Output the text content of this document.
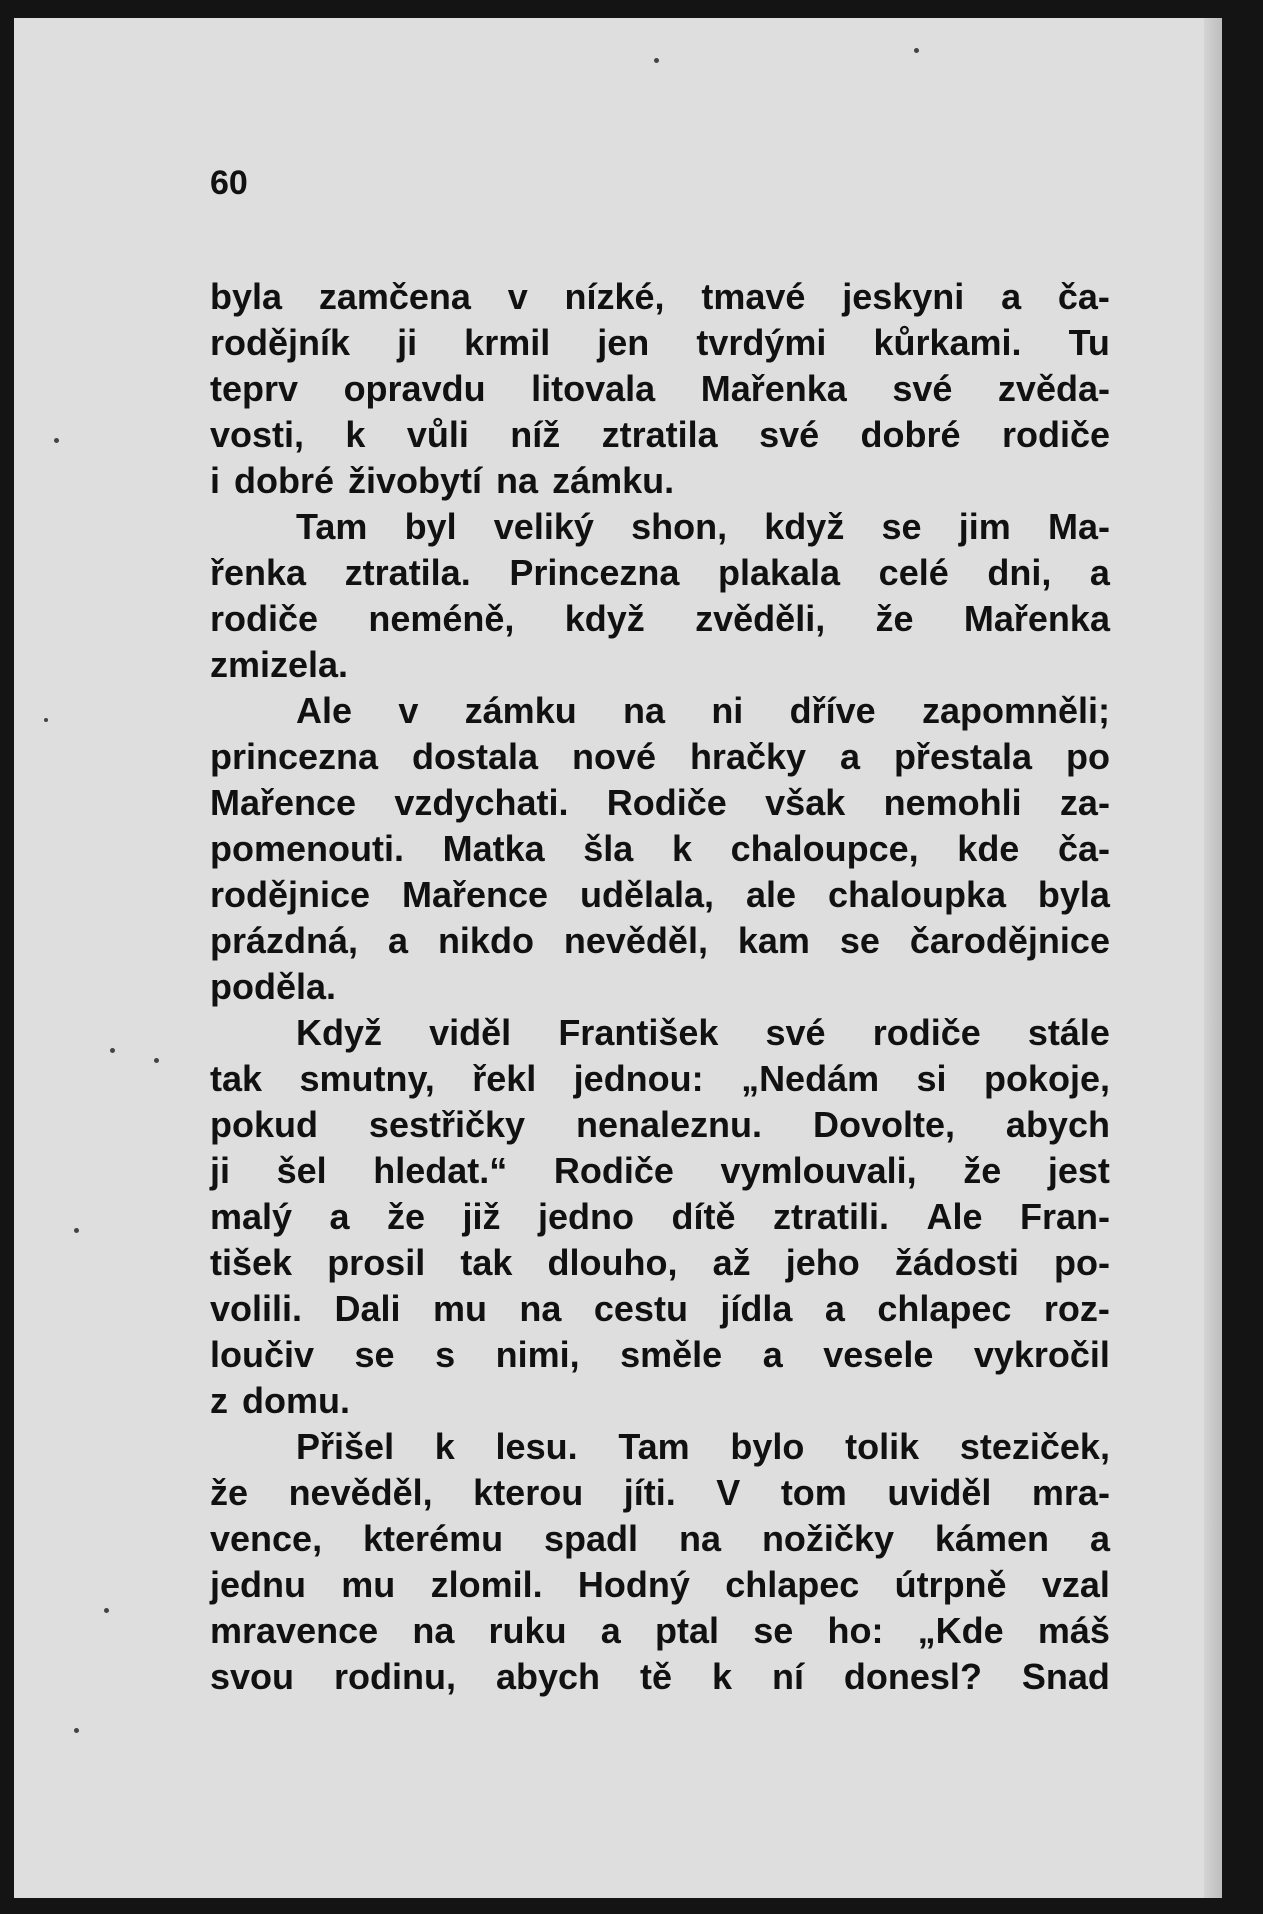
60
byla zamčena v nízké, tmavé jeskyni a ča-
rodějník ji krmil jen tvrdými kůrkami. Tu
teprv opravdu litovala Mařenka své zvěda-
vosti, k vůli níž ztratila své dobré rodiče
i dobré živobytí na zámku.
Tam byl veliký shon, když se jim Ma-
řenka ztratila. Princezna plakala celé dni, a
rodiče neméně, když zvěděli, že Mařenka
zmizela.
Ale v zámku na ni dříve zapomněli;
princezna dostala nové hračky a přestala po
Mařence vzdychati. Rodiče však nemohli za-
pomenouti. Matka šla k chaloupce, kde ča-
rodějnice Mařence udělala, ale chaloupka byla
prázdná, a nikdo nevěděl, kam se čarodějnice
poděla.
Když viděl František své rodiče stále
tak smutny, řekl jednou: „Nedám si pokoje,
pokud sestřičky nenaleznu. Dovolte, abych
ji šel hledat.“ Rodiče vymlouvali, že jest
malý a že již jedno dítě ztratili. Ale Fran-
tišek prosil tak dlouho, až jeho žádosti po-
volili. Dali mu na cestu jídla a chlapec roz-
loučiv se s nimi, směle a vesele vykročil
z domu.
Přišel k lesu. Tam bylo tolik steziček,
že nevěděl, kterou jíti. V tom uviděl mra-
vence, kterému spadl na nožičky kámen a
jednu mu zlomil. Hodný chlapec útrpně vzal
mravence na ruku a ptal se ho: „Kde máš
svou rodinu, abych tě k ní donesl? Snad
